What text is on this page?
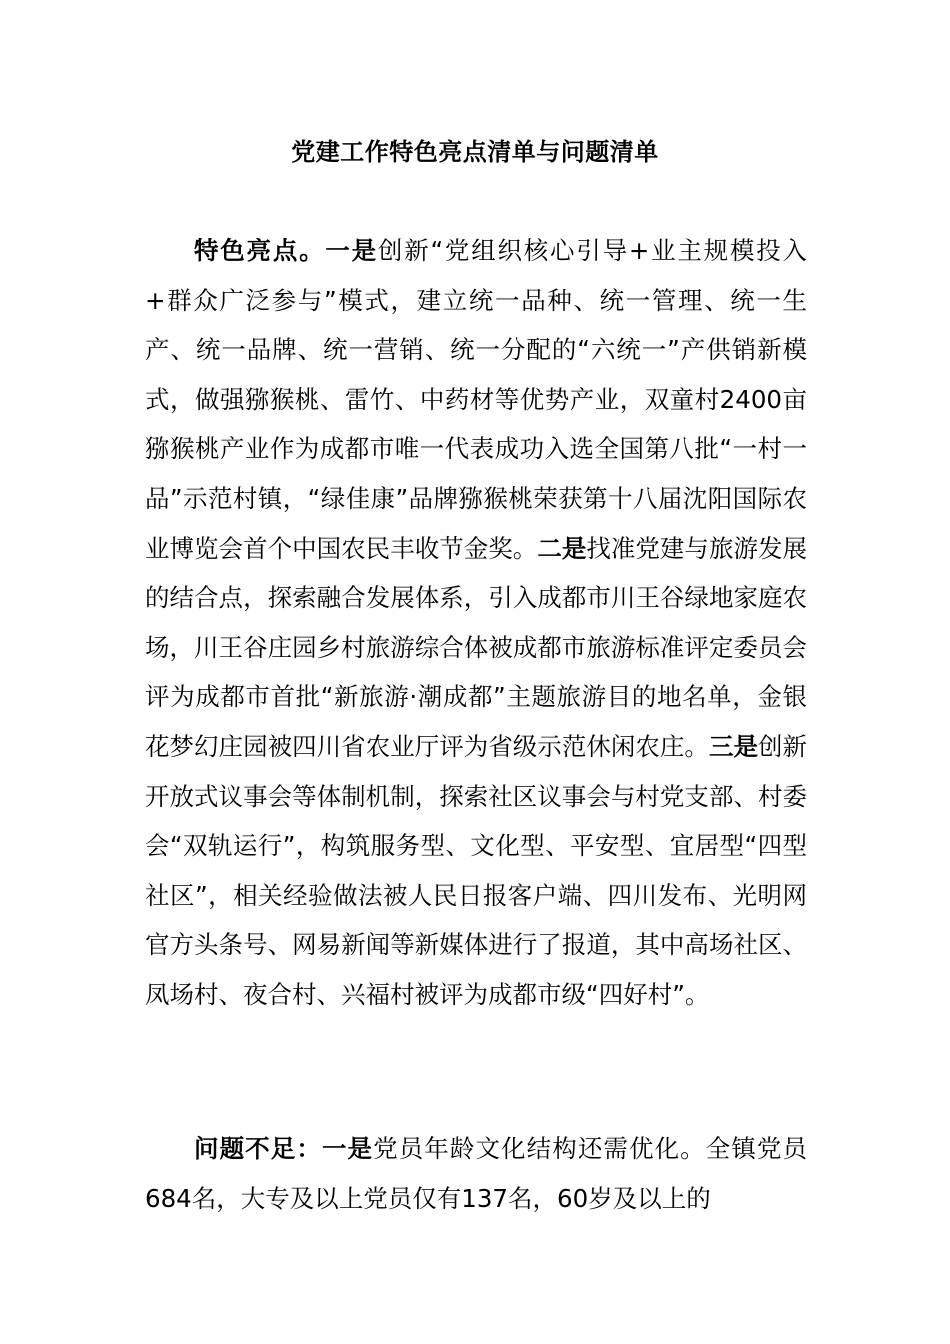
党建工作特色亮点清单与问题清单

特色亮点。一是创新“党组织核心引导+业主规模投入+群众广泛参与”模式，建立统一品种、统一管理、统一生产、统一品牌、统一营销、统一分配的“六统一”产供销新模式，做强猕猴桃、雷竹、中药材等优势产业，双童村2400亩猕猴桃产业作为成都市唯一代表成功入选全国第八批“一村一品”示范村镇，“绿佳康”品牌猕猴桃荣获第十八届沈阳国际农业博览会首个中国农民丰收节金奖。二是找准党建与旅游发展的结合点，探索融合发展体系，引入成都市川王谷绿地家庭农场，川王谷庄园乡村旅游综合体被成都市旅游标准评定委员会评为成都市首批“新旅游·潮成都”主题旅游目的地名单，金银花梦幻庄园被四川省农业厅评为省级示范休闲农庄。三是创新开放式议事会等体制机制，探索社区议事会与村党支部、村委会“双轨运行”，构筑服务型、文化型、平安型、宜居型“四型社区”，相关经验做法被人民日报客户端、四川发布、光明网官方头条号、网易新闻等新媒体进行了报道，其中高场社区、凤场村、夜合村、兴福村被评为成都市级“四好村”。

问题不足：一是党员年龄文化结构还需优化。全镇党员684名，大专及以上党员仅有137名，60岁及以上的
